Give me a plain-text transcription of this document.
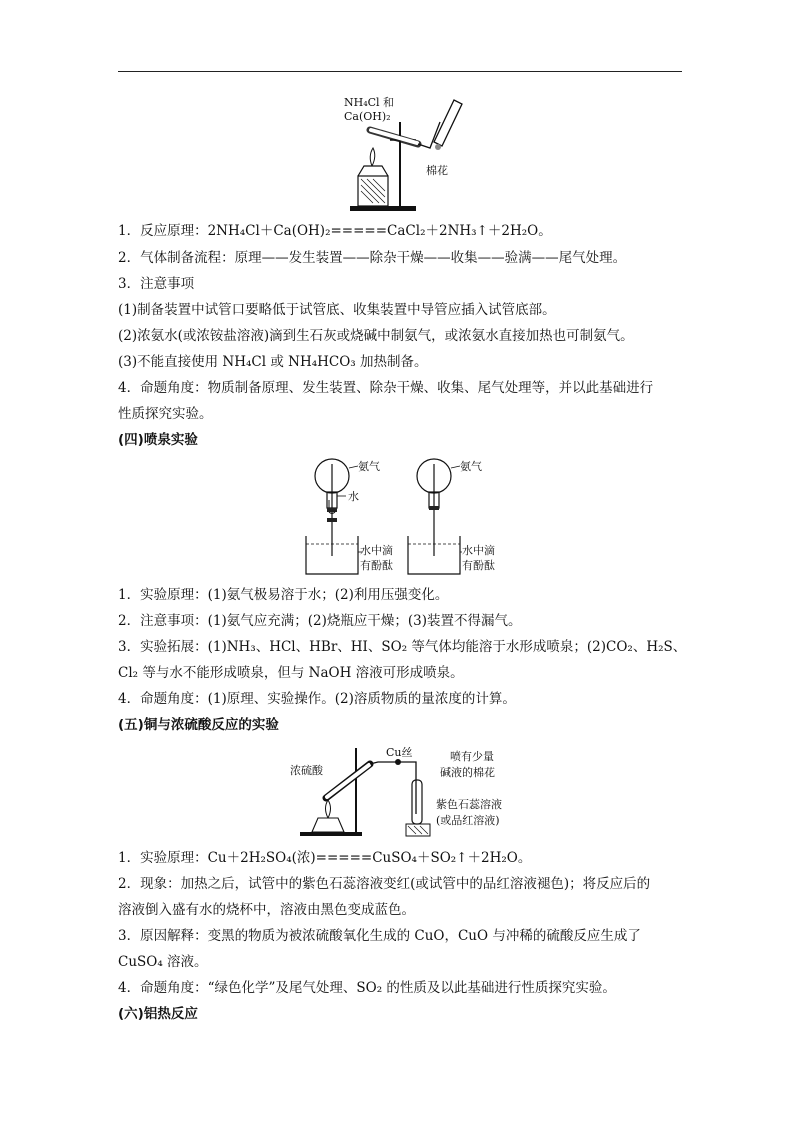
NH₄Cl 和
Ca(OH)₂
棉花
1．反应原理：2NH₄Cl＋Ca(OH)₂=====CaCl₂＋2NH₃↑＋2H₂O。
2．气体制备流程：原理——发生装置——除杂干燥——收集——验满——尾气处理。
3．注意事项
(1)制备装置中试管口要略低于试管底、收集装置中导管应插入试管底部。
(2)浓氨水(或浓铵盐溶液)滴到生石灰或烧碱中制氨气，或浓氨水直接加热也可制氨气。
(3)不能直接使用 NH₄Cl 或 NH₄HCO₃ 加热制备。
4．命题角度：物质制备原理、发生装置、除杂干燥、收集、尾气处理等，并以此基础进行
性质探究实验。
(四)喷泉实验
氨气
水
水中滴
有酚酞
氨气
水中滴
有酚酞
1．实验原理：(1)氨气极易溶于水；(2)利用压强变化。
2．注意事项：(1)氨气应充满；(2)烧瓶应干燥；(3)装置不得漏气。
3．实验拓展：(1)NH₃、HCl、HBr、HI、SO₂ 等气体均能溶于水形成喷泉；(2)CO₂、H₂S、
Cl₂ 等与水不能形成喷泉，但与 NaOH 溶液可形成喷泉。
4．命题角度：(1)原理、实验操作。(2)溶质物质的量浓度的计算。
(五)铜与浓硫酸反应的实验
浓硫酸
Cu丝	喷有少量
碱液的棉花
紫色石蕊溶液
(或品红溶液)
1．实验原理：Cu＋2H₂SO₄(浓)=====CuSO₄＋SO₂↑＋2H₂O。
2．现象：加热之后，试管中的紫色石蕊溶液变红(或试管中的品红溶液褪色)；将反应后的
溶液倒入盛有水的烧杯中，溶液由黑色变成蓝色。
3．原因解释：变黑的物质为被浓硫酸氧化生成的 CuO，CuO 与冲稀的硫酸反应生成了
CuSO₄ 溶液。
4．命题角度：“绿色化学”及尾气处理、SO₂ 的性质及以此基础进行性质探究实验。
(六)铝热反应
